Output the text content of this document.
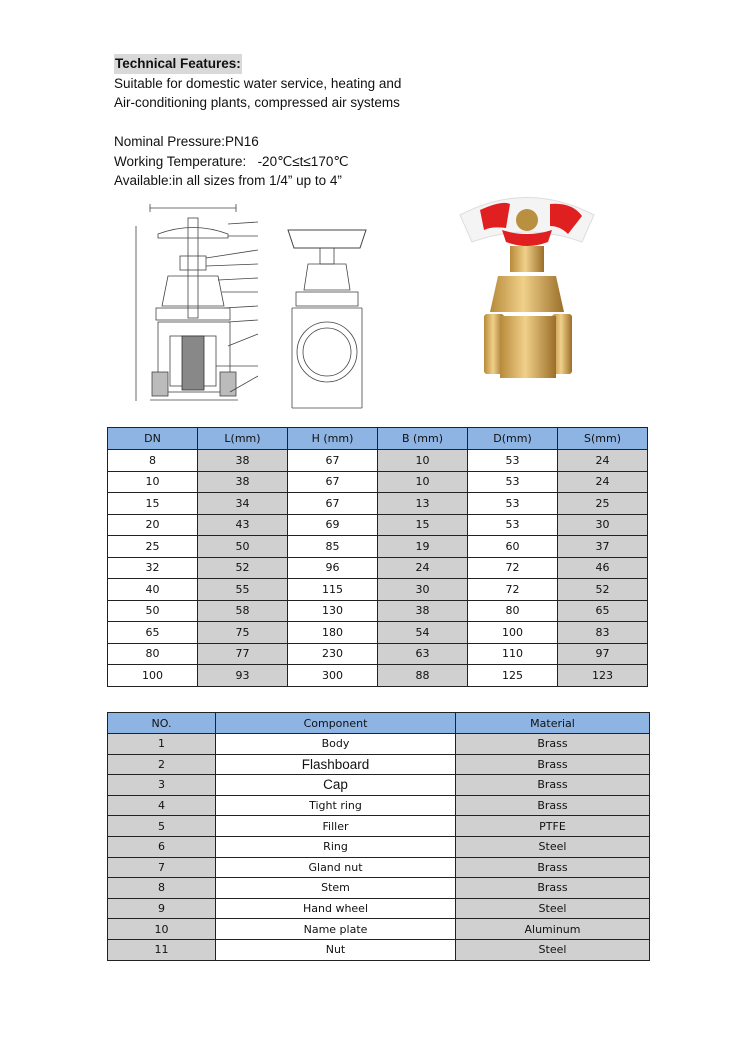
Technical Features:
Suitable for domestic water service, heating and
Air-conditioning plants, compressed air systems
Nominal Pressure:PN16
Working Temperature:   -20℃≤t≤170℃
Available:in all sizes from 1/4” up to 4”
DN	L(mm)	H (mm)	B (mm)	D(mm)	S(mm)
8	38	67	10	53	24
10	38	67	10	53	24
15	34	67	13	53	25
20	43	69	15	53	30
25	50	85	19	60	37
32	52	96	24	72	46
40	55	115	30	72	52
50	58	130	38	80	65
65	75	180	54	100	83
80	77	230	63	110	97
100	93	300	88	125	123
NO.	Component	Material
1	Body	Brass
2	Flashboard	Brass
3	Cap	Brass
4	Tight ring	Brass
5	Filler	PTFE
6	Ring	Steel
7	Gland nut	Brass
8	Stem	Brass
9	Hand wheel	Steel
10	Name plate	Aluminum
11	Nut	Steel
